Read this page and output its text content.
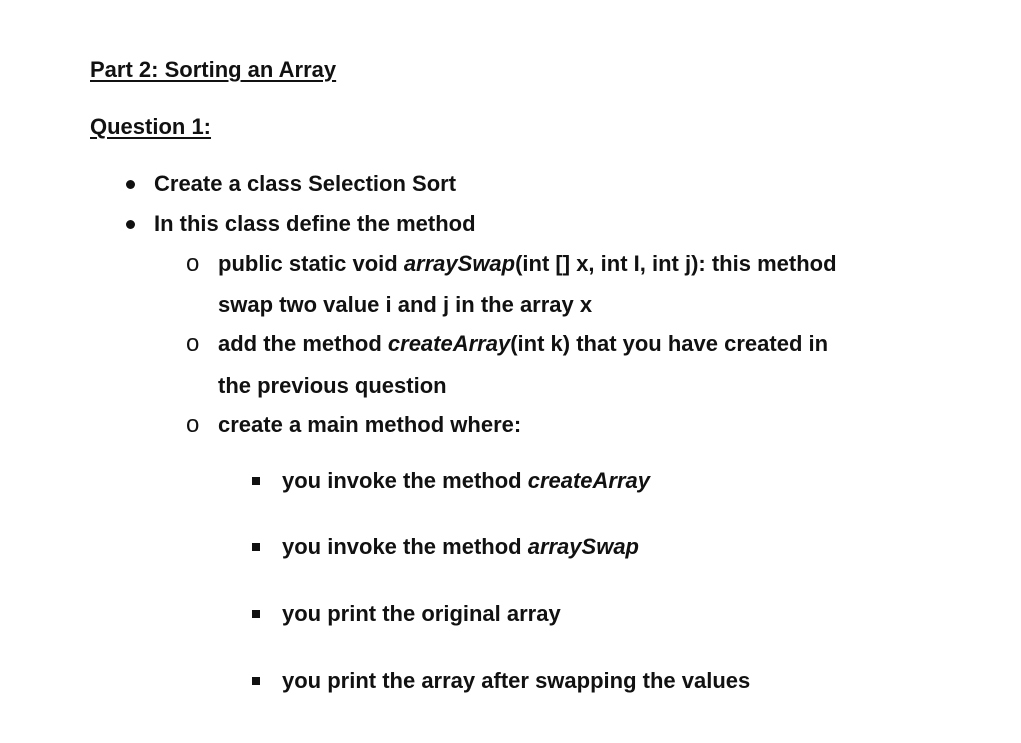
Part 2: Sorting an Array
Question 1:
Create a class Selection Sort
In this class define the method
o public static void arraySwap(int [] x, int I, int j): this method
swap two value i and j in the array x
o add the method createArray(int k) that you have created in
the previous question
o create a main method where:
you invoke the method createArray
you invoke the method arraySwap
you print the original array
you print the array after swapping the values
